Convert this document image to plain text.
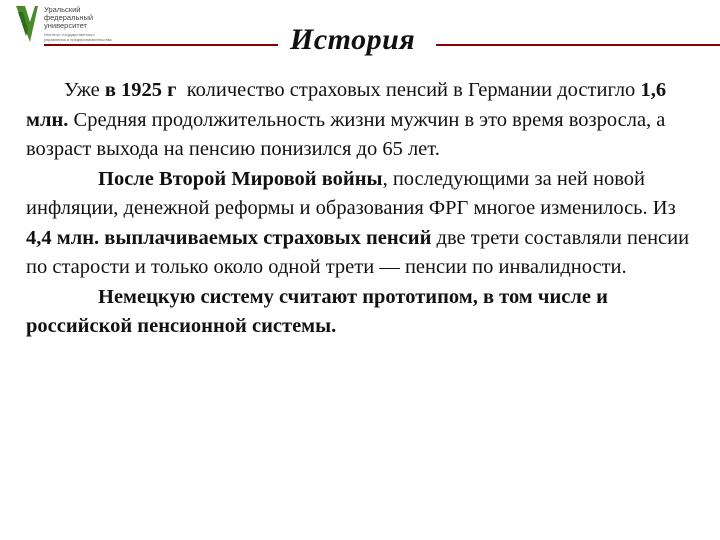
Уральский
федеральный
университет
Институт государственного
управления и предпринимательства	История

Уже в 1925 г  количество страховых пенсий в Германии достигло 1,6 млн. Средняя продолжительность жизни мужчин в это время возросла, а возраст выхода на пенсию понизился до 65 лет.

После Второй Мировой войны, последующими за ней новой инфляции, денежной реформы и образования ФРГ многое изменилось. Из 4,4 млн. выплачиваемых страховых пенсий две трети составляли пенсии по старости и только около одной трети — пенсии по инвалидности.

Немецкую систему считают прототипом, в том числе и российской пенсионной системы.
